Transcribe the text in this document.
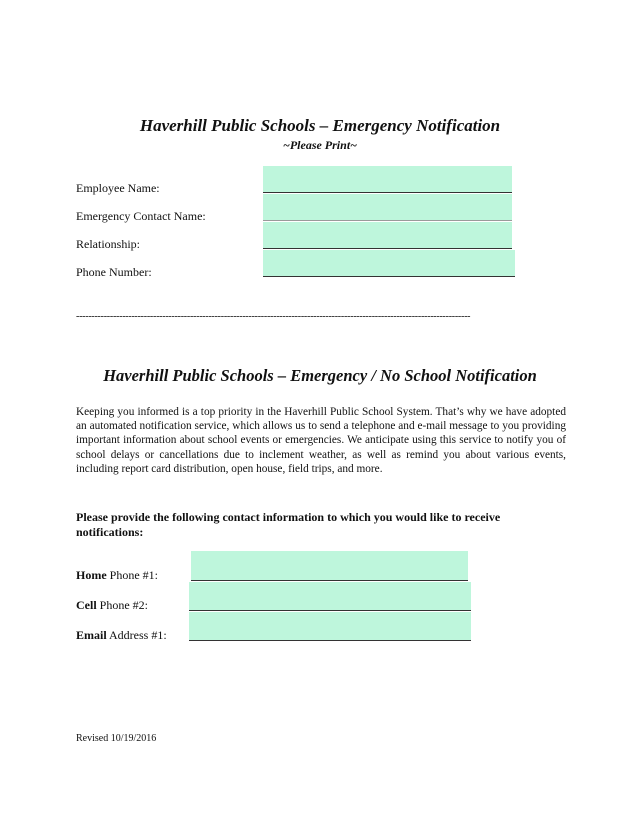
Haverhill Public Schools – Emergency Notification
~Please Print~
Employee Name:
Emergency Contact Name:
Relationship:
Phone Number:
--------------------------------------------------------------------------------------------------------------------------------
Haverhill Public Schools – Emergency / No School Notification
Keeping you informed is a top priority in the Haverhill Public School System. That’s why we have adopted an automated notification service, which allows us to send a telephone and e-mail message to you providing important information about school events or emergencies. We anticipate using this service to notify you of school delays or cancellations due to inclement weather, as well as remind you about various events, including report card distribution, open house, field trips, and more.
Please provide the following contact information to which you would like to receive notifications:
Home Phone #1:
Cell Phone #2:
Email Address #1:
Revised 10/19/2016
